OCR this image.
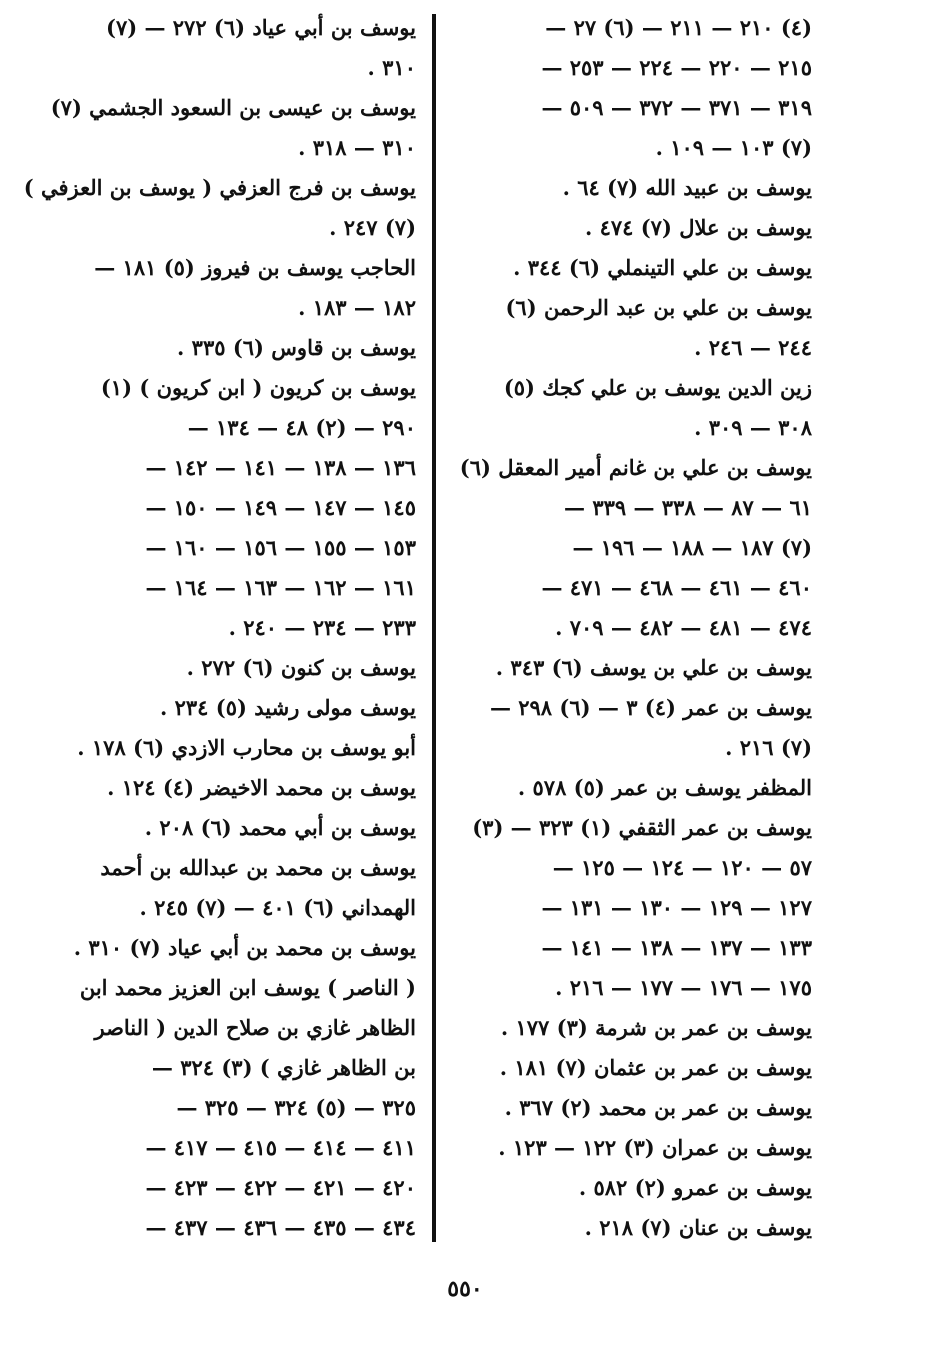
(٤) ٢١٠ — ٢١١ — (٦) ٢٧ —
٢١٥ — ٢٢٠ — ٢٢٤ — ٢٥٣ —
٣١٩ — ٣٧١ — ٣٧٢ — ٥٠٩ —
(٧) ١٠٣ — ١٠٩ .
يوسف بن عبيد الله (٧) ٦٤ .
يوسف بن علال (٧) ٤٧٤ .
يوسف بن علي التينملي (٦) ٣٤٤ .
يوسف بن علي بن عبد الرحمن (٦)
٢٤٤ — ٢٤٦ .
زين الدين يوسف بن علي كجك (٥)
٣٠٨ — ٣٠٩ .
يوسف بن علي بن غانم أمير المعقل (٦)
٦١ — ٨٧ — ٣٣٨ — ٣٣٩ —
(٧) ١٨٧ — ١٨٨ — ١٩٦ —
٤٦٠ — ٤٦١ — ٤٦٨ — ٤٧١ —
٤٧٤ — ٤٨١ — ٤٨٢ — ٧٠٩ .
يوسف بن علي بن يوسف (٦) ٣٤٣ .
يوسف بن عمر (٤) ٣ — (٦) ٢٩٨ —
(٧) ٢١٦ .
المظفر يوسف بن عمر (٥) ٥٧٨ .
يوسف بن عمر الثقفي (١) ٣٢٣ — (٣)
٥٧ — ١٢٠ — ١٢٤ — ١٢٥ —
١٢٧ — ١٢٩ — ١٣٠ — ١٣١ —
١٣٣ — ١٣٧ — ١٣٨ — ١٤١ —
١٧٥ — ١٧٦ — ١٧٧ — ٢١٦ .
يوسف بن عمر بن شرمة (٣) ١٧٧ .
يوسف بن عمر بن عثمان (٧) ١٨١ .
يوسف بن عمر بن محمد (٢) ٣٦٧ .
يوسف بن عمران (٣) ١٢٢ — ١٢٣ .
يوسف بن عمرو (٢) ٥٨٢ .
يوسف بن عنان (٧) ٢١٨ .
يوسف بن أبي عياد (٦) ٢٧٢ — (٧)
٣١٠ .
يوسف بن عيسى بن السعود الجشمي (٧)
٣١٠ — ٣١٨ .
يوسف بن فرج العزفي ( يوسف بن العزفي )
(٧) ٢٤٧ .
الحاجب يوسف بن فيروز (٥) ١٨١ —
١٨٢ — ١٨٣ .
يوسف بن قاوس (٦) ٣٣٥ .
يوسف بن كريون ( ابن كريون ) (١)
٢٩٠ — (٢) ٤٨ — ١٣٤ —
١٣٦ — ١٣٨ — ١٤١ — ١٤٢ —
١٤٥ — ١٤٧ — ١٤٩ — ١٥٠ —
١٥٣ — ١٥٥ — ١٥٦ — ١٦٠ —
١٦١ — ١٦٢ — ١٦٣ — ١٦٤ —
٢٣٣ — ٢٣٤ — ٢٤٠ .
يوسف بن كنون (٦) ٢٧٢ .
يوسف مولى رشيد (٥) ٢٣٤ .
أبو يوسف بن محارب الازدي (٦) ١٧٨ .
يوسف بن محمد الاخيضر (٤) ١٢٤ .
يوسف بن أبي محمد (٦) ٢٠٨ .
يوسف بن محمد بن عبدالله بن أحمد
الهمداني (٦) ٤٠١ — (٧) ٢٤٥ .
يوسف بن محمد بن أبي عياد (٧) ٣١٠ .
( الناصر ) يوسف ابن العزيز محمد ابن
الظاهر غازي بن صلاح الدين ( الناصر
بن الظاهر غازي ) (٣) ٣٢٤ —
٣٢٥ — (٥) ٣٢٤ — ٣٢٥ —
٤١١ — ٤١٤ — ٤١٥ — ٤١٧ —
٤٢٠ — ٤٢١ — ٤٢٢ — ٤٢٣ —
٤٣٤ — ٤٣٥ — ٤٣٦ — ٤٣٧ —
٥٥٠
